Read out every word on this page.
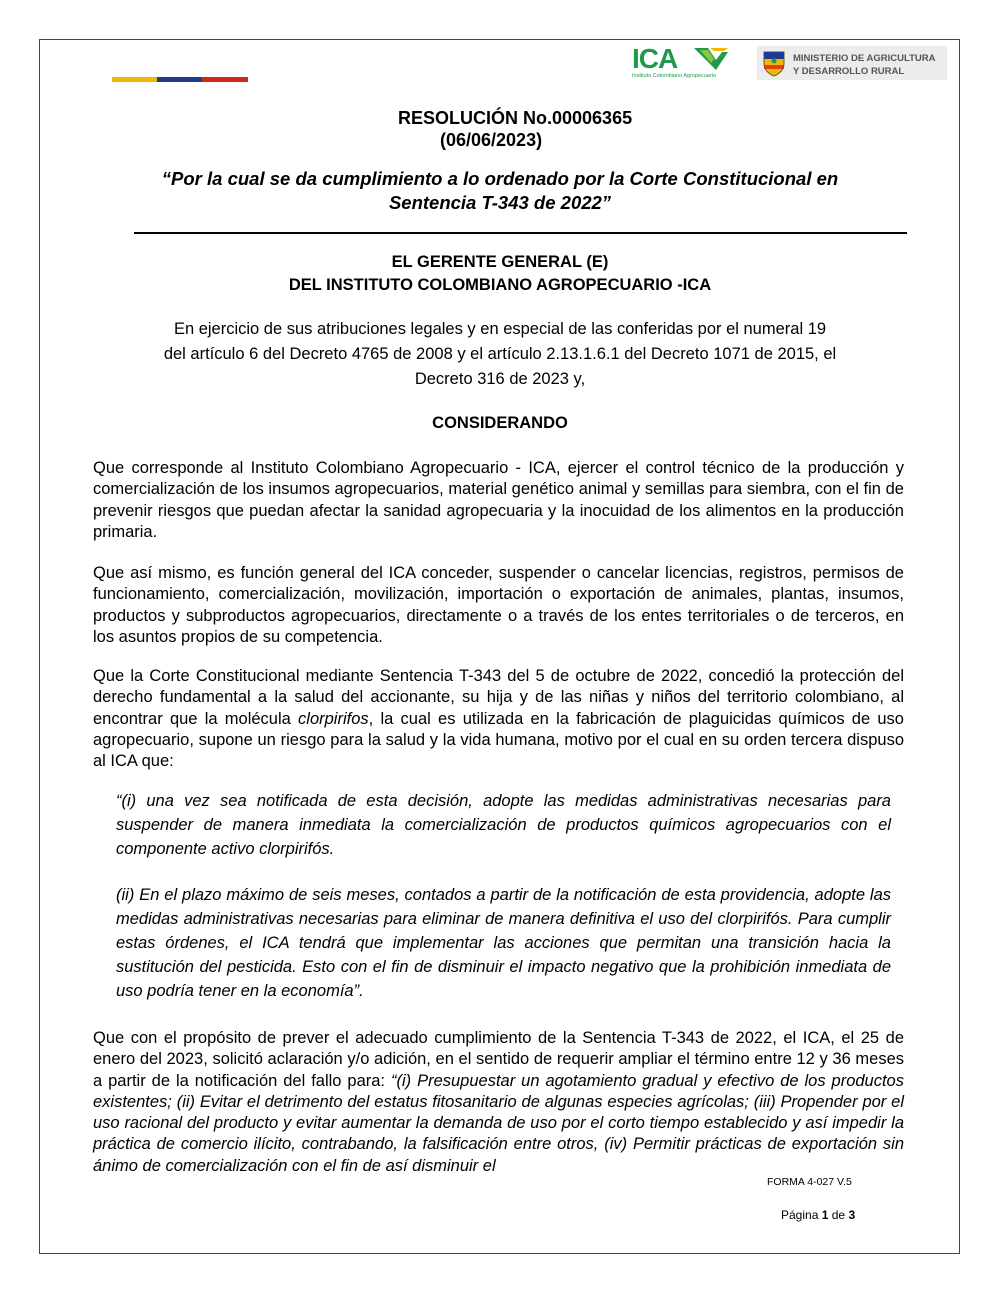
ICA
Instituto Colombiano Agropecuario
MINISTERIO DE AGRICULTURA
Y DESARROLLO RURAL
RESOLUCIÓN No.00006365
(06/06/2023)
“Por la cual se da cumplimiento a lo ordenado por la Corte Constitucional en
Sentencia T-343 de 2022”
EL GERENTE GENERAL (E)
DEL INSTITUTO COLOMBIANO AGROPECUARIO -ICA
En ejercicio de sus atribuciones legales y en especial de las conferidas por el numeral 19
del artículo 6 del Decreto 4765 de 2008 y el artículo 2.13.1.6.1 del Decreto 1071 de 2015, el
Decreto 316 de 2023 y,
CONSIDERANDO
Que corresponde al Instituto Colombiano Agropecuario - ICA, ejercer el control técnico de la producción y comercialización de los insumos agropecuarios, material genético animal y semillas para siembra, con el fin de prevenir riesgos que puedan afectar la sanidad agropecuaria y la inocuidad de los alimentos en la producción primaria.
Que así mismo, es función general del ICA conceder, suspender o cancelar licencias, registros, permisos de funcionamiento, comercialización, movilización, importación o exportación de animales, plantas, insumos, productos y subproductos agropecuarios, directamente o a través de los entes territoriales o de terceros, en los asuntos propios de su competencia.
Que la Corte Constitucional mediante Sentencia T-343 del 5 de octubre de 2022, concedió la protección del derecho fundamental a la salud del accionante, su hija y de las niñas y niños del territorio colombiano, al encontrar que la molécula clorpirifos, la cual es utilizada en la fabricación de plaguicidas químicos de uso agropecuario, supone un riesgo para la salud y la vida humana, motivo por el cual en su orden tercera dispuso al ICA que:
“(i) una vez sea notificada de esta decisión, adopte las medidas administrativas necesarias para suspender de manera inmediata la comercialización de productos químicos agropecuarios con el componente activo clorpirifós.
(ii) En el plazo máximo de seis meses, contados a partir de la notificación de esta providencia, adopte las medidas administrativas necesarias para eliminar de manera definitiva el uso del clorpirifós. Para cumplir estas órdenes, el ICA tendrá que implementar las acciones que permitan una transición hacia la sustitución del pesticida. Esto con el fin de disminuir el impacto negativo que la prohibición inmediata de uso podría tener en la economía”.
Que con el propósito de prever el adecuado cumplimiento de la Sentencia T-343 de 2022, el ICA, el 25 de enero del 2023, solicitó aclaración y/o adición, en el sentido de requerir ampliar el término entre 12 y 36 meses a partir de la notificación del fallo para: “(i) Presupuestar un agotamiento gradual y efectivo de los productos existentes; (ii) Evitar el detrimento del estatus fitosanitario de algunas especies agrícolas; (iii) Propender por el uso racional del producto y evitar aumentar la demanda de uso por el corto tiempo establecido y así impedir la práctica de comercio ilícito, contrabando, la falsificación entre otros, (iv) Permitir prácticas de exportación sin ánimo de comercialización con el fin de así disminuir el
FORMA 4-027 V.5
Página 1 de 3
